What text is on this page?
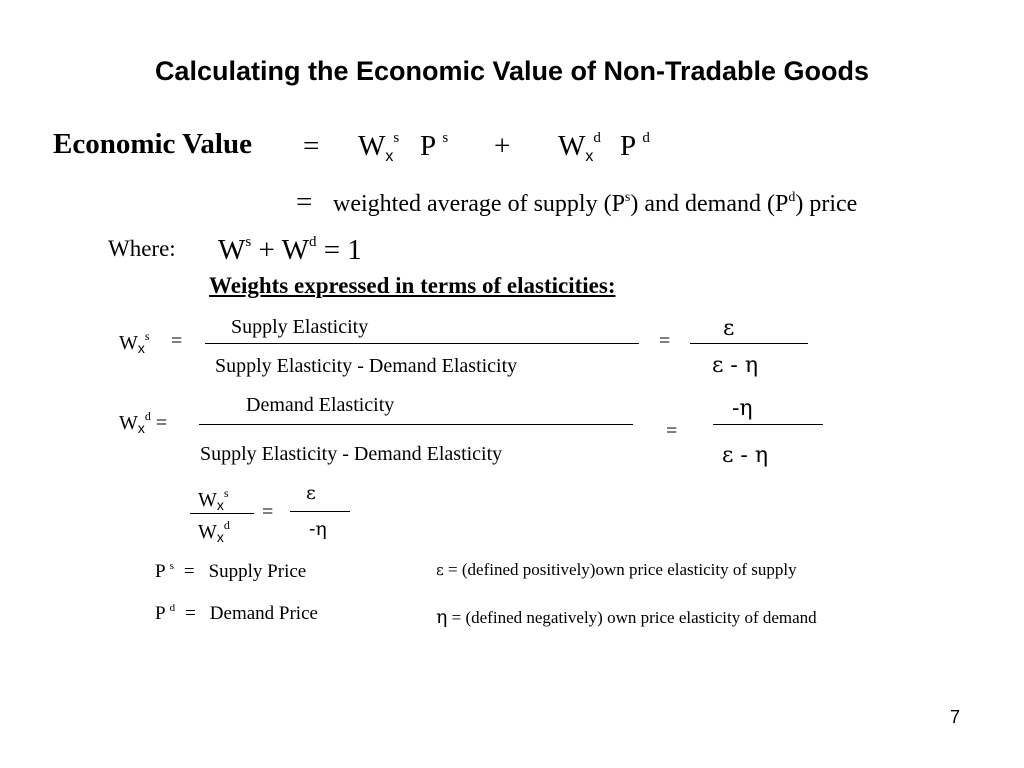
Calculating the Economic Value of Non-Tradable Goods
Economic Value = $W_x^s$ P $^s + W_x^d$ P $^d$
= weighted average of supply $(P^s)$ and demand $(P^d)$ price
Where: $W^s + W^d = 1$
Weights expressed in terms of elasticities:
$W_x^s$ =
Supply Elasticity
Supply Elasticity - Demand Elasticity
= ε
ε - η
$W_x^d$ =
Demand Elasticity
Supply Elasticity - Demand Elasticity
=
-η
ε - η
$W_x^s$
$W_x^d$
=
ε
-η
P $^s$ = Supply Price
P $^d$ = Demand Price
ε = (defined positively)own price elasticity of supply
η = (defined negatively) own price elasticity of demand
7
